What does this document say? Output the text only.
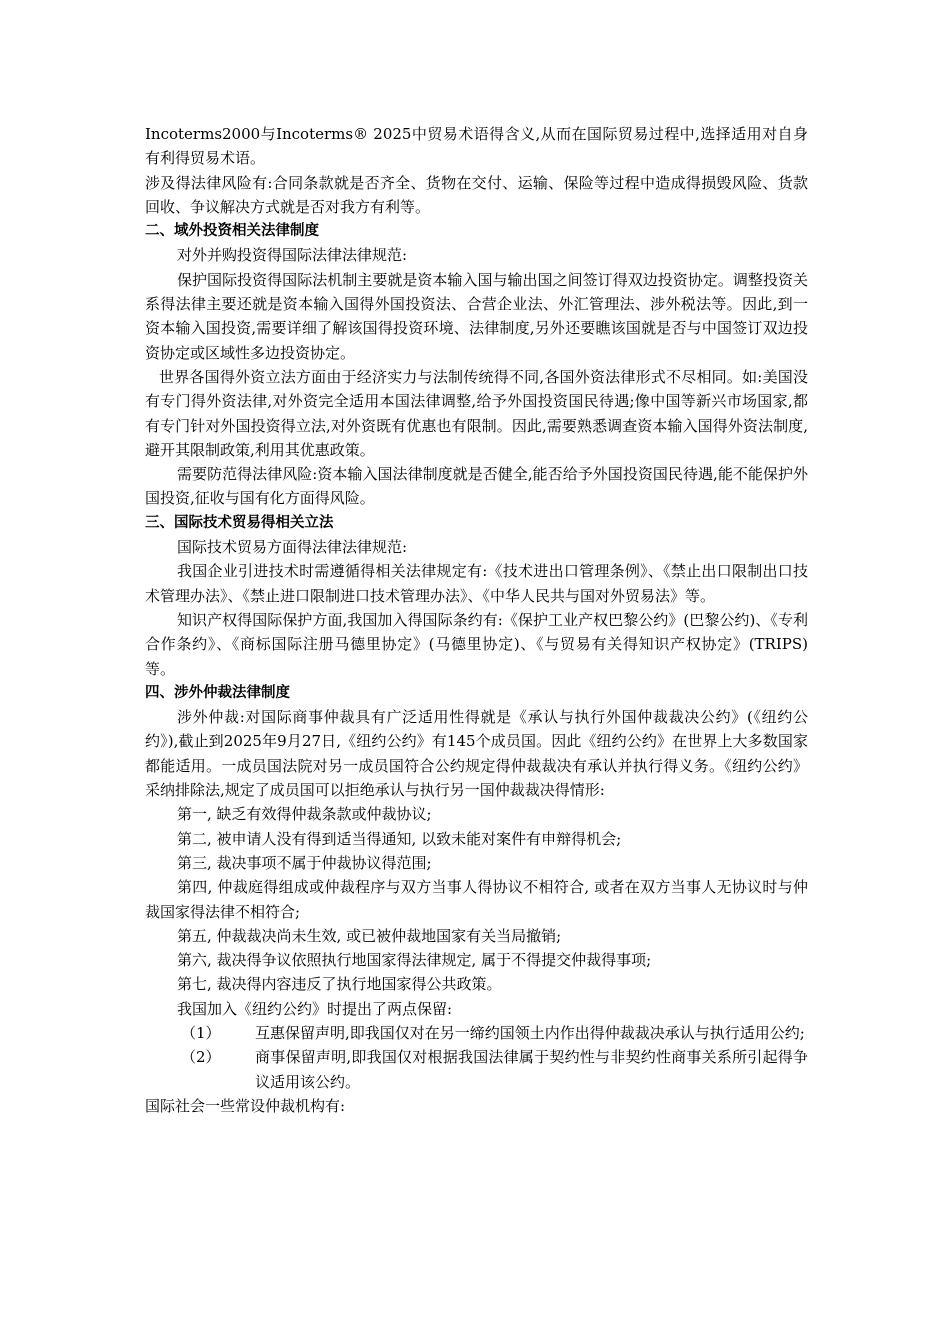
Incoterms2000与Incoterms® 2025中贸易术语得含义,从而在国际贸易过程中,选择适用对自身有利得贸易术语。

涉及得法律风险有:合同条款就是否齐全、货物在交付、运输、保险等过程中造成得损毁风险、货款回收、争议解决方式就是否对我方有利等。

二、域外投资相关法律制度

对外并购投资得国际法律法律规范:

保护国际投资得国际法机制主要就是资本输入国与输出国之间签订得双边投资协定。调整投资关系得法律主要还就是资本输入国得外国投资法、合营企业法、外汇管理法、涉外税法等。因此,到一资本输入国投资,需要详细了解该国得投资环境、法律制度,另外还要瞧该国就是否与中国签订双边投资协定或区域性多边投资协定。

世界各国得外资立法方面由于经济实力与法制传统得不同,各国外资法律形式不尽相同。如:美国没有专门得外资法律,对外资完全适用本国法律调整,给予外国投资国民待遇;像中国等新兴市场国家,都有专门针对外国投资得立法,对外资既有优惠也有限制。因此,需要熟悉调查资本输入国得外资法制度,避开其限制政策,利用其优惠政策。

需要防范得法律风险:资本输入国法律制度就是否健全,能否给予外国投资国民待遇,能不能保护外国投资,征收与国有化方面得风险。

三、国际技术贸易得相关立法

国际技术贸易方面得法律法律规范:

我国企业引进技术时需遵循得相关法律规定有:《技术进出口管理条例》、《禁止出口限制出口技术管理办法》、《禁止进口限制进口技术管理办法》、《中华人民共与国对外贸易法》等。

知识产权得国际保护方面,我国加入得国际条约有:《保护工业产权巴黎公约》(巴黎公约)、《专利合作条约》、《商标国际注册马德里协定》(马德里协定)、《与贸易有关得知识产权协定》(TRIPS)等。

四、涉外仲裁法律制度

涉外仲裁:对国际商事仲裁具有广泛适用性得就是《承认与执行外国仲裁裁决公约》(《纽约公约》),截止到2025年9月27日,《纽约公约》有145个成员国。因此《纽约公约》在世界上大多数国家都能适用。一成员国法院对另一成员国符合公约规定得仲裁裁决有承认并执行得义务。《纽约公约》采纳排除法,规定了成员国可以拒绝承认与执行另一国仲裁裁决得情形:

第一, 缺乏有效得仲裁条款或仲裁协议;

第二, 被申请人没有得到适当得通知, 以致未能对案件有申辩得机会;

第三, 裁决事项不属于仲裁协议得范围;

第四, 仲裁庭得组成或仲裁程序与双方当事人得协议不相符合, 或者在双方当事人无协议时与仲裁国家得法律不相符合;

第五, 仲裁裁决尚未生效, 或已被仲裁地国家有关当局撤销;

第六, 裁决得争议依照执行地国家得法律规定, 属于不得提交仲裁得事项;

第七, 裁决得内容违反了执行地国家得公共政策。

我国加入《纽约公约》时提出了两点保留:

（1）	互惠保留声明,即我国仅对在另一缔约国领土内作出得仲裁裁决承认与执行适用公约;
（2）	商事保留声明,即我国仅对根据我国法律属于契约性与非契约性商事关系所引起得争议适用该公约。

国际社会一些常设仲裁机构有:
